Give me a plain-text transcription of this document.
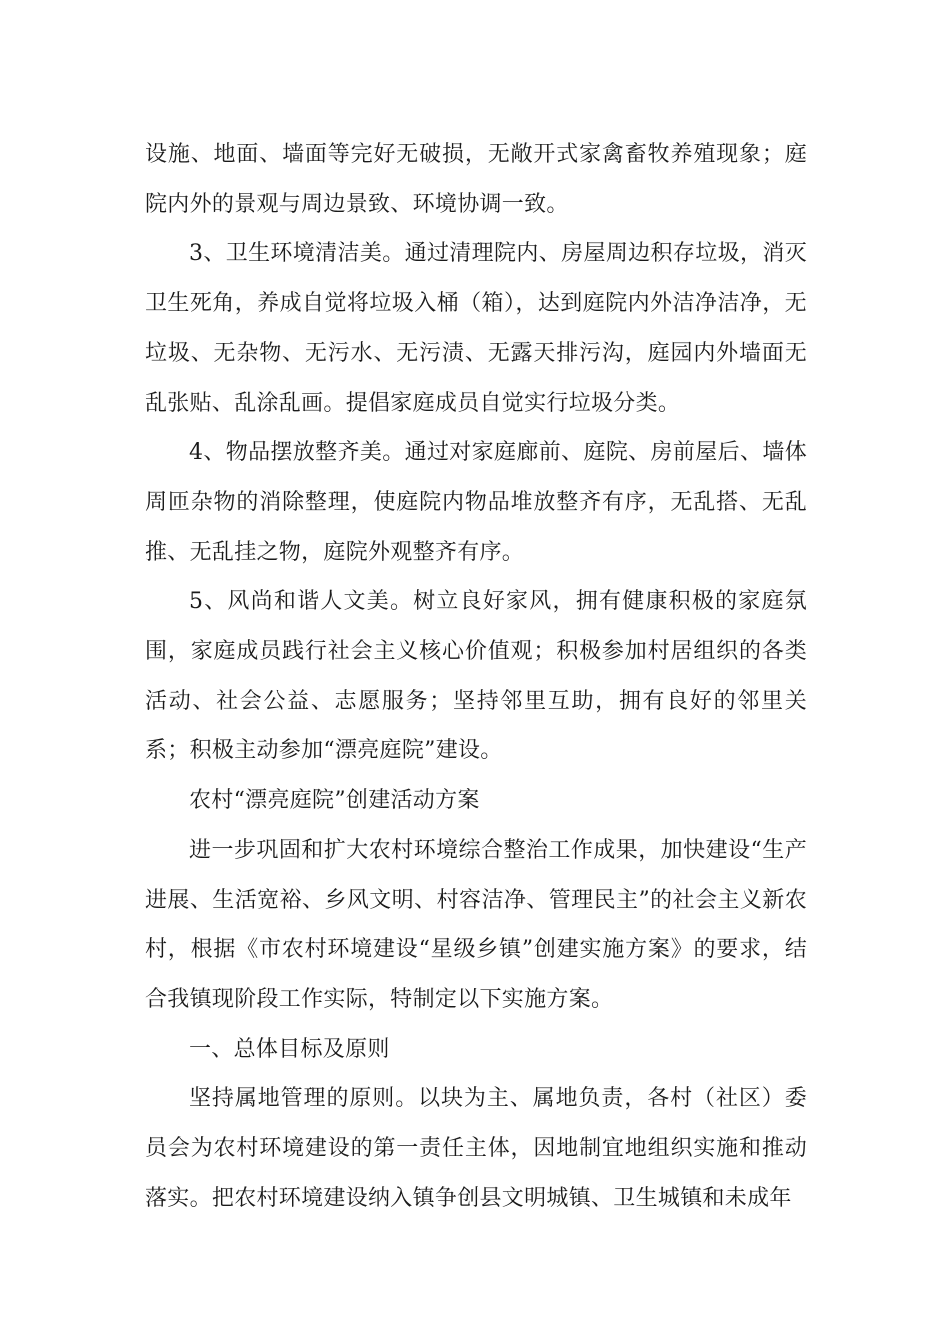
设施、地面、墙面等完好无破损，无敞开式家禽畜牧养殖现象；庭院内外的景观与周边景致、环境协调一致。

3、卫生环境清洁美。通过清理院内、房屋周边积存垃圾，消灭卫生死角，养成自觉将垃圾入桶（箱），达到庭院内外洁净洁净，无垃圾、无杂物、无污水、无污渍、无露天排污沟，庭园内外墙面无乱张贴、乱涂乱画。提倡家庭成员自觉实行垃圾分类。

4、物品摆放整齐美。通过对家庭廊前、庭院、房前屋后、墙体周匝杂物的消除整理，使庭院内物品堆放整齐有序，无乱搭、无乱推、无乱挂之物，庭院外观整齐有序。

5、风尚和谐人文美。树立良好家风，拥有健康积极的家庭氛围，家庭成员践行社会主义核心价值观；积极参加村居组织的各类活动、社会公益、志愿服务；坚持邻里互助，拥有良好的邻里关系；积极主动参加“漂亮庭院”建设。

农村“漂亮庭院”创建活动方案

进一步巩固和扩大农村环境综合整治工作成果，加快建设“生产进展、生活宽裕、乡风文明、村容洁净、管理民主”的社会主义新农村，根据《市农村环境建设“星级乡镇”创建实施方案》的要求，结合我镇现阶段工作实际，特制定以下实施方案。

一、总体目标及原则

坚持属地管理的原则。以块为主、属地负责，各村（社区）委员会为农村环境建设的第一责任主体，因地制宜地组织实施和推动落实。把农村环境建设纳入镇争创县文明城镇、卫生城镇和未成年
